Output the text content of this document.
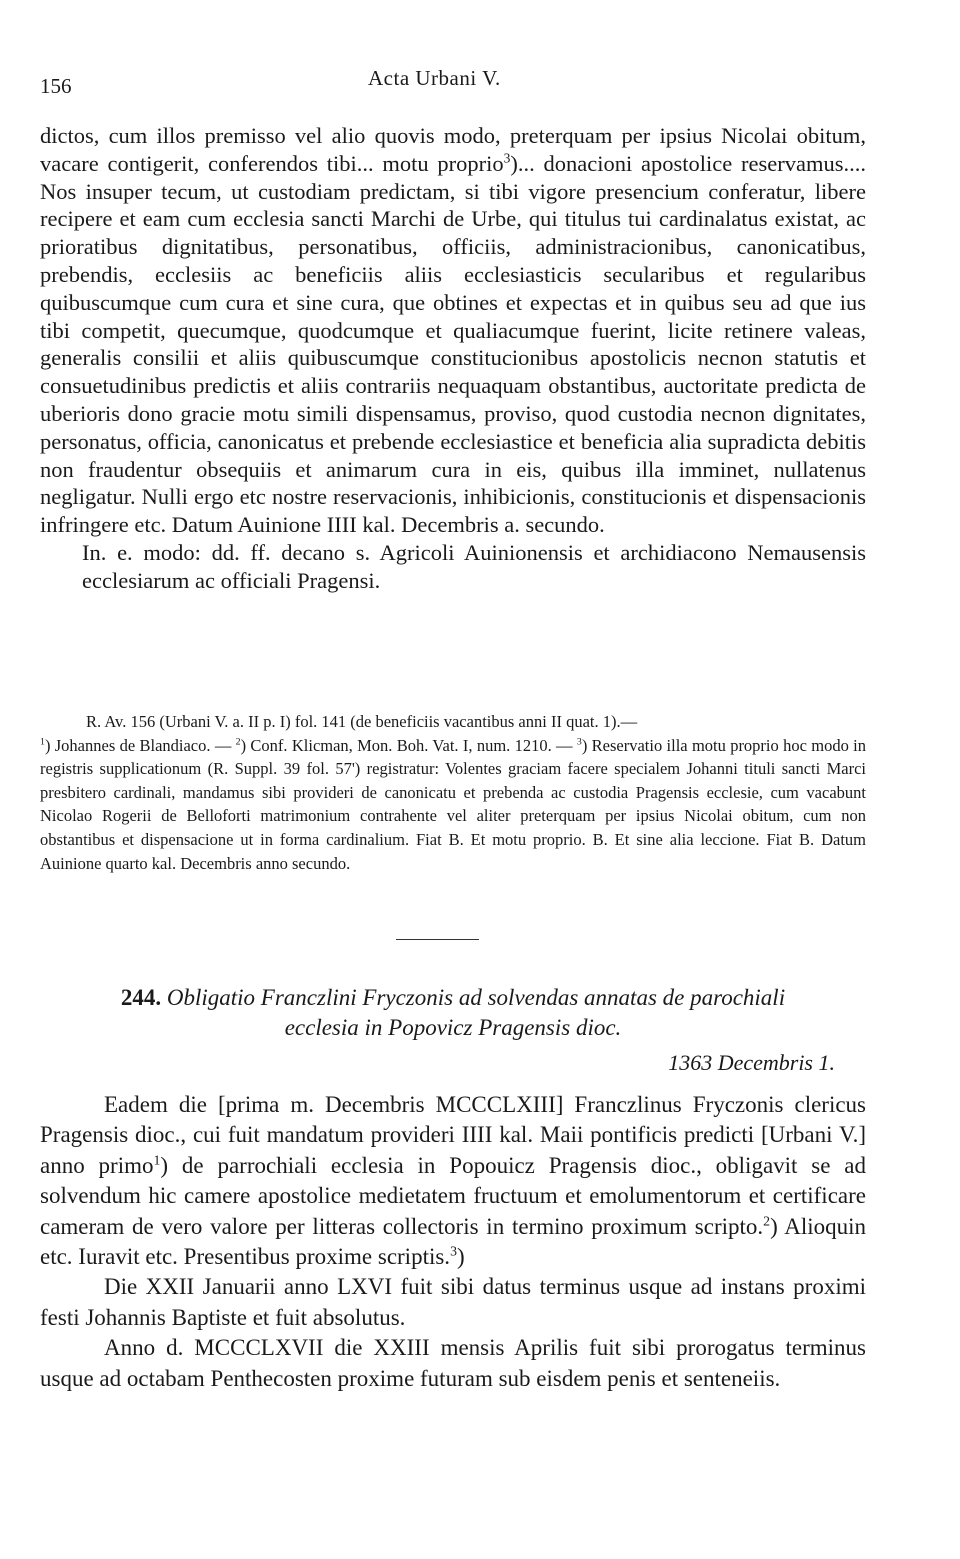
156	Acta Urbani V.

dictos, cum illos premisso vel alio quovis modo, preterquam per ipsius Nicolai obitum, vacare contigerit, conferendos tibi... motu proprio$^3$)... donacioni apostolice reservamus.... Nos insuper tecum, ut custodiam predictam, si tibi vigore presencium conferatur, libere recipere et eam cum ecclesia sancti Marchi de Urbe, qui titulus tui cardinalatus existat, ac prioratibus dignitatibus, personatibus, officiis, administracionibus, canonicatibus, prebendis, ecclesiis ac beneficiis aliis ecclesiasticis secularibus et regularibus quibuscumque cum cura et sine cura, que obtines et expectas et in quibus seu ad que ius tibi competit, quecumque, quodcumque et qualiacumque fuerint, licite retinere valeas, generalis consilii et aliis quibuscumque constitucionibus apostolicis necnon statutis et consuetudinibus predictis et aliis contrariis nequaquam obstantibus, auctoritate predicta de uberioris dono gracie motu simili dispensamus, proviso, quod custodia necnon dignitates, personatus, officia, canonicatus et prebende ecclesiastice et beneficia alia supradicta debitis non fraudentur obsequiis et animarum cura in eis, quibus illa imminet, nullatenus negligatur. Nulli ergo etc nostre reservacionis, inhibicionis, constitucionis et dispensacionis infringere etc. Datum Auinione IIII kal. Decembris a. secundo.

In. e. modo: dd. ff. decano s. Agricoli Auinionensis et archidiacono Nemausensis ecclesiarum ac officiali Pragensi.

R. Av. 156 (Urbani V. a. II p. I) fol. 141 (de beneficiis vacantibus anni II quat. 1).—

$^1$) Johannes de Blandiaco. — $^2$) Conf. Klicman, Mon. Boh. Vat. I, num. 1210. — $^3$) Reservatio illa motu proprio hoc modo in registris supplicationum (R. Suppl. 39 fol. 57') registratur: Volentes graciam facere specialem Johanni tituli sancti Marci presbitero cardinali, mandamus sibi provideri de canonicatu et prebenda ac custodia Pragensis ecclesie, cum vacabunt Nicolao Rogerii de Belloforti matrimonium contrahente vel aliter preterquam per ipsius Nicolai obitum, cum non obstantibus et dispensacione ut in forma cardinalium. Fiat B. Et motu proprio. B. Et sine alia leccione. Fiat B. Datum Auinione quarto kal. Decembris anno secundo.

244. Obligatio Franczlini Fryczonis ad solvendas annatas de parochiali
ecclesia in Popovicz Pragensis dioc.
1363 Decembris 1.

Eadem die [prima m. Decembris MCCCLXIII] Franczlinus Fryczonis clericus Pragensis dioc., cui fuit mandatum provideri IIII kal. Maii pontificis predicti [Urbani V.] anno primo$^1$) de parrochiali ecclesia in Popouicz Pragensis dioc., obligavit se ad solvendum hic camere apostolice medietatem fructuum et emolumentorum et certificare cameram de vero valore per litteras collectoris in termino proximum scripto.$^2$) Alioquin etc. Iuravit etc. Presentibus proxime scriptis.$^3$)

Die XXII Januarii anno LXVI fuit sibi datus terminus usque ad instans proximi festi Johannis Baptiste et fuit absolutus.

Anno d. MCCCLXVII die XXIII mensis Aprilis fuit sibi prorogatus terminus usque ad octabam Penthecosten proxime futuram sub eisdem penis et senteneiis.
